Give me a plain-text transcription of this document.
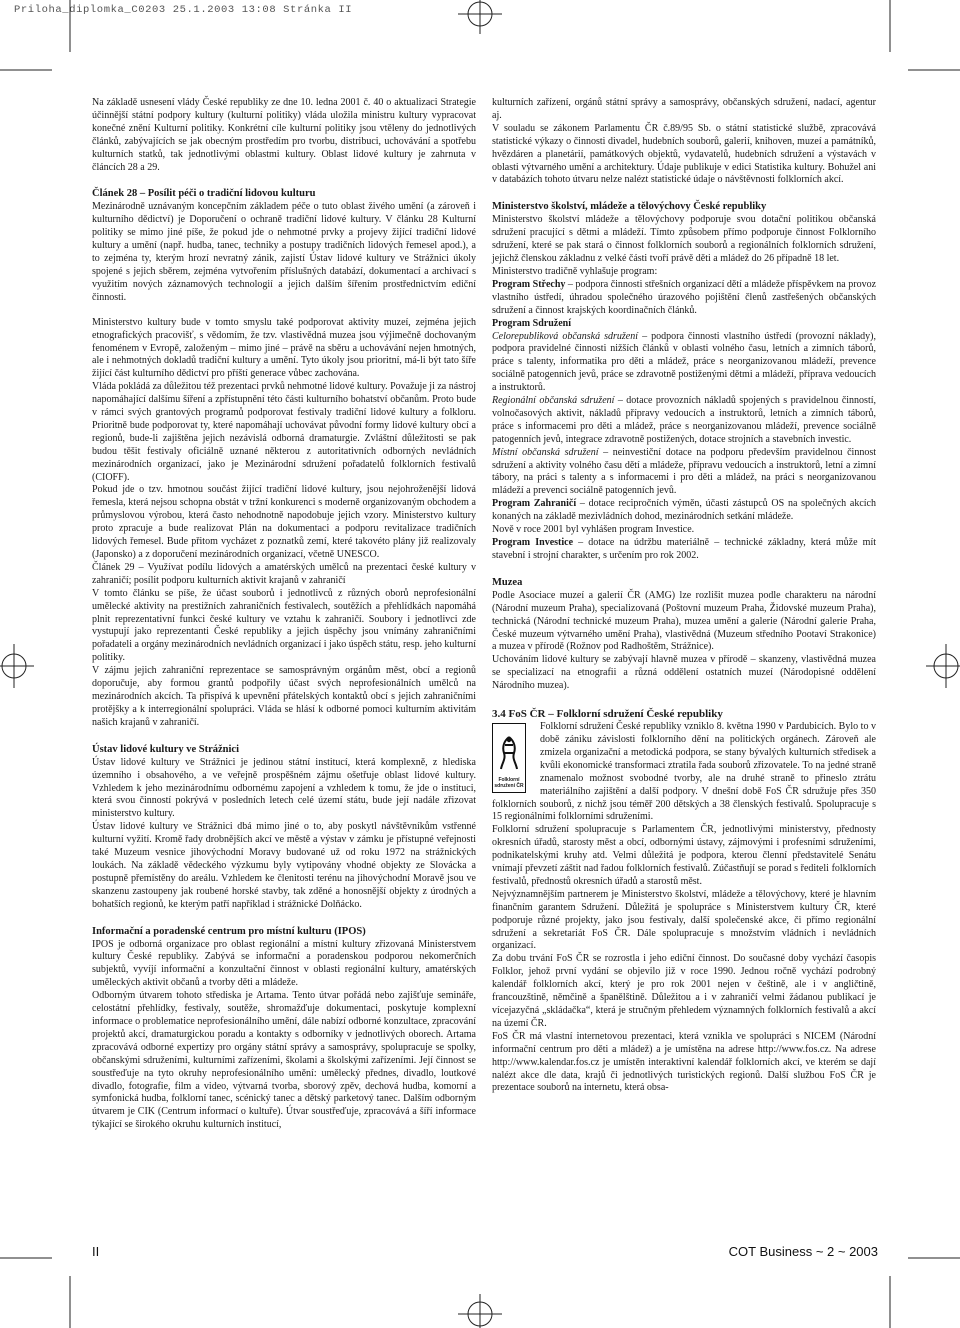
Priloha_diplomka_C0203 25.1.2003 13:08 Stránka II

Na základě usnesení vlády České republiky ze dne 10. ledna 2001 č. 40 o aktualizaci Strategie účinnější státní podpory kultury (kulturní politiky) vláda uložila ministru kultury vypracovat konečné znění Kulturní politiky. Konkrétní cíle kulturní politiky jsou vtěleny do jednotlivých článků, zabývajících se jak obecným prostředím pro tvorbu, distribuci, uchovávání a spotřebu kulturních statků, tak jednotlivými oblastmi kultury. Oblast lidové kultury je zahrnuta v článcích 28 a 29.

Článek 28 – Posílit péči o tradiční lidovou kulturu

Mezinárodně uznávaným koncepčním základem péče o tuto oblast živého umění (a zároveň i kulturního dědictví) je Doporučení o ochraně tradiční lidové kultury. V článku 28 Kulturní politiky se mimo jiné píše, že pokud jde o nehmotné prvky a projevy žijící tradiční lidové kultury a umění (např. hudba, tanec, techniky a postupy tradičních lidových řemesel apod.), a to zejména ty, kterým hrozí nevratný zánik, zajistí Ústav lidové kultury ve Strážnici úkoly spojené s jejich sběrem, zejména vytvořením příslušných databází, dokumentací a archivací s využitím nových záznamových technologií a jejich dalším šířením prostřednictvím ediční činnosti.

Ministerstvo kultury bude v tomto smyslu také podporovat aktivity muzeí, zejména jejich etnografických pracovišť, s vědomím, že tzv. vlastivědná muzea jsou výjimečně dochovaným fenoménem v Evropě, založeným – mimo jiné – právě na sběru a uchovávání nejen hmotných, ale i nehmotných dokladů tradiční kultury a umění. Tyto úkoly jsou prioritní, má-li být tato šíře žijící část kulturního dědictví pro příští generace vůbec zachována.

Vláda pokládá za důležitou též prezentaci prvků nehmotné lidové kultury. Považuje ji za nástroj napomáhající dalšímu šíření a zpřístupnění této části kulturního bohatství občanům. Proto bude v rámci svých grantových programů podporovat festivaly tradiční lidové kultury a folkloru. Prioritně bude podporovat ty, které napomáhají uchovávat původní formy lidové kultury obcí a regionů, bude-li zajištěna jejich nezávislá odborná dramaturgie. Zvláštní důležitosti se pak budou těšit festivaly oficiálně uznané některou z autoritativních odborných nevládních mezinárodních organizací, jako je Mezinárodní sdružení pořadatelů folklorních festivalů (CIOFF).

Pokud jde o tzv. hmotnou součást žijící tradiční lidové kultury, jsou nejohroženější lidová řemesla, která nejsou schopna obstát v tržní konkurenci s moderně organizovaným obchodem a průmyslovou výrobou, která často nehodnotně napodobuje jejich vzory. Ministerstvo kultury proto zpracuje a bude realizovat Plán na dokumentaci a podporu revitalizace tradičních lidových řemesel. Bude přitom vycházet z poznatků zemí, které takovéto plány již realizovaly (Japonsko) a z doporučení mezinárodních organizací, včetně UNESCO.

Článek 29 – Využívat podílu lidových a amatérských umělců na prezentaci české kultury v zahraničí; posílit podporu kulturních aktivit krajanů v zahraničí

V tomto článku se píše, že účast souborů i jednotlivců z různých oborů neprofesionální umělecké aktivity na prestižních zahraničních festivalech, soutěžích a přehlídkách napomáhá plnit reprezentativní funkci české kultury ve vztahu k zahraničí. Soubory i jednotlivci zde vystupují jako reprezentanti České republiky a jejich úspěchy jsou vnímány zahraničními pořadateli a orgány mezinárodních nevládních organizací i jako úspěch státu, resp. jeho kulturní politiky.

V zájmu jejich zahraniční reprezentace se samosprávným orgánům měst, obcí a regionů doporučuje, aby formou grantů podpořily účast svých neprofesionálních umělců na mezinárodních akcích. Ta přispívá k upevnění přátelských kontaktů obcí s jejich zahraničními protějšky a k interregionální spolupráci. Vláda se hlásí k odborné pomoci kulturním aktivitám našich krajanů v zahraničí.

Ústav lidové kultury ve Strážnici

Ústav lidové kultury ve Strážnici je jedinou státní institucí, která komplexně, z hlediska územního i obsahového, a ve veřejně prospěšném zájmu ošetřuje oblast lidové kultury. Vzhledem k jeho mezinárodnímu odbornému zapojení a vzhledem k tomu, že jde o instituci, která svou činností pokrývá v posledních letech celé území státu, bude její nadále zřizovat ministerstvo kultury.

Ústav lidové kultury ve Strážnici dbá mimo jiné o to, aby poskytl návštěvníkům vstřenné kulturní vyžití. Kromě řady drobnějších akcí ve městě a výstav v zámku je přístupné veřejnosti také Muzeum vesnice jihovýchodní Moravy budované už od roku 1972 na strážnických loukách. Na základě vědeckého výzkumu byly vytipovány vhodné objekty ze Slovácka a postupně přemístěny do areálu. Vzhledem ke členitosti terénu na jihovýchodní Moravě jsou ve skanzenu zastoupeny jak roubené horské stavby, tak zděné a honosnější objekty z úrodných a bohatších regionů, ke kterým patří například i strážnické Dolňácko.

Informační a poradenské centrum pro místní kulturu (IPOS)

IPOS je odborná organizace pro oblast regionální a místní kultury zřizovaná Ministerstvem kultury České republiky. Zabývá se informační a poradenskou podporou nekomerčních subjektů, vyvíjí informační a konzultační činnost v oblasti regionální kultury, amatérských uměleckých aktivit občanů a tvorby děti a mládeže.

Odborným útvarem tohoto střediska je Artama. Tento útvar pořádá nebo zajišťuje semináře, celostátní přehlídky, festivaly, soutěže, shromažďuje dokumentaci, poskytuje komplexní informace o problematice neprofesionálního umění, dále nabízí odborné konzultace, zpracování projektů akcí, dramaturgickou poradu a kontakty s odborníky v jednotlivých oborech. Artama zpracovává odborné expertizy pro orgány státní správy a samosprávy, spolupracuje se spolky, občanskými sdruženími, kulturními zařízeními, školami a školskými zařízeními. Její činnost se soustřeďuje na tyto okruhy neprofesionálního umění: umělecký přednes, divadlo, loutkové divadlo, fotografie, film a video, výtvarná tvorba, sborový zpěv, dechová hudba, komorní a symfonická hudba, folklorní tanec, scénický tanec a dětský parketový tanec. Dalším odborným útvarem je CIK (Centrum informací o kultuře). Útvar soustřeďuje, zpracovává a šíří informace týkající se širokého okruhu kulturních institucí,

kulturních zařízení, orgánů státní správy a samosprávy, občanských sdružení, nadací, agentur aj.

V souladu se zákonem Parlamentu ČR č.89/95 Sb. o státní statistické službě, zpracovává statistické výkazy o činnosti divadel, hudebních souborů, galerií, knihoven, muzeí a památníků, hvězdáren a planetárií, památkových objektů, vydavatelů, hudebních sdružení a výstavách v oblasti výtvarného umění a architektury. Údaje publikuje v edici Statistika kultury. Bohužel ani v databázích tohoto útvaru nelze nalézt statistické údaje o návštěvnosti folklorních akcí.

Ministerstvo školství, mládeže a tělovýchovy České republiky

Ministerstvo školství mládeže a tělovýchovy podporuje svou dotační politikou občanská sdružení pracující s dětmi a mládeží. Tímto způsobem přímo podporuje činnost Folklorního sdružení, které se pak stará o činnost folklorních souborů a regionálních folklorních sdružení, jejichž členskou základnu z velké části tvoří právě děti a mládež do 26 případně 18 let.

Ministerstvo tradičně vyhlašuje program:

Program Střechy – podpora činnosti střešních organizací dětí a mládeže příspěvkem na provoz vlastního ústředí, úhradou společného úrazového pojištění členů zastřešených občanských sdružení a činnost krajských koordinačních článků.

Program Sdružení

Celorepubliková občanská sdružení – podpora činnosti vlastního ústředí (provozní náklady), podpora pravidelné činnosti nižších článků v oblasti volného času, letních a zimních táborů, práce s talenty, informatika pro děti a mládež, práce s neorganizovanou mládeží, prevence sociálně patogenních jevů, práce se zdravotně postiženými dětmi a mládeží, příprava vedoucích a instruktorů.

Regionální občanská sdružení – dotace provozních nákladů spojených s pravidelnou činností, volnočasových aktivit, nákladů přípravy vedoucích a instruktorů, letních a zimních táborů, práce s informacemi pro děti a mládež, práce s neorganizovanou mládeží, prevence sociálně patogenních jevů, integrace zdravotně postižených, dotace strojních a stavebních investic.

Místní občanská sdružení – neinvestiční dotace na podporu především pravidelnou činnost sdružení a aktivity volného času dětí a mládeže, přípravu vedoucích a instruktorů, letní a zimní tábory, na práci s talenty a s informacemi i pro děti a mládež, na práci s neorganizovanou mládeží a prevenci sociálně patogenních jevů.

Program Zahraničí – dotace recipročních výměn, účasti zástupců OS na společných akcích konaných na základě mezivládních dohod, mezinárodních setkání mládeže.

Nově v roce 2001 byl vyhlášen program Investice.

Program Investice – dotace na údržbu materiálně – technické základny, která může mít stavební i strojní charakter, s určením pro rok 2002.

Muzea

Podle Asociace muzeí a galerií ČR (AMG) lze rozlišit muzea podle charakteru na národní (Národní muzeum Praha), specializovaná (Poštovní muzeum Praha, Židovské muzeum Praha), technická (Národní technické muzeum Praha), muzea umění a galerie (Národní galerie Praha, České muzeum výtvarného umění Praha), vlastivědná (Muzeum středního Pootaví Strakonice) a muzea v přírodě (Rožnov pod Radhoštěm, Strážnice).

Uchováním lidové kultury se zabývají hlavně muzea v přírodě – skanzeny, vlastivědná muzea se specializací na etnografii a různá oddělení ostatních muzeí (Národopisné oddělení Národního muzea).

3.4 FoS ČR – Folklorní sdružení České republiky

Folklorní sdružení ČR
Folklorní sdružení České republiky vzniklo 8. května 1990 v Pardubicích. Bylo to v době zániku závislosti folklorního dění na politických orgánech. Zároveň ale zmizela organizační a metodická podpora, se stany bývalých kulturních středisek a kvůli ekonomické transformaci ztratila řada souborů zřizovatele. To na jedné straně znamenalo možnost svobodné tvorby, ale na druhé straně to přineslo ztrátu materiálního zajištění a další podpory. V dnešní době FoS ČR sdružuje přes 350 folklorních souborů, z nichž jsou téměř 200 dětských a 38 členských festivalů. Spolupracuje s 15 regionálními folklorními sdruženími.

Folklorní sdružení spolupracuje s Parlamentem ČR, jednotlivými ministerstvy, přednosty okresních úřadů, starosty měst a obcí, odbornými ústavy, zájmovými i profesními sdruženími, podnikatelskými kruhy atd. Velmi důležitá je podpora, kterou členní představitelé Senátu vnímají převzetí záštit nad řadou folklorních festivalů. Zúčastňují se porad s řediteli folklorních festivalů, přednostů okresních úřadů a starostů měst.

Nejvýznamnějším partnerem je Ministerstvo školství, mládeže a tělovýchovy, které je hlavním finančním garantem Sdružení. Důležitá je spolupráce s Ministerstvem kultury ČR, které podporuje různé projekty, jako jsou festivaly, další společenské akce, či přímo regionální sdružení a sekretariát FoS ČR. Dále spolupracuje s množstvím vládních i nevládních organizací.

Za dobu trvání FoS ČR se rozrostla i jeho ediční činnost. Do současné doby vychází časopis Folklor, jehož první vydání se objevilo již v roce 1990. Jednou ročně vychází podrobný kalendář folklorních akcí, který je pro rok 2001 nejen v češtině, ale i v angličtině, francouzštině, němčině a španělštině. Důležitou a i v zahraničí velmi žádanou publikací je vícejazyčná „skládačka“, která je stručným přehledem významných folklorních festivalů a akcí na území ČR.

FoS ČR má vlastní internetovou prezentaci, která vznikla ve spolupráci s NICEM (Národní informační centrum pro děti a mládež) a je umístěna na adrese http://www.fos.cz. Na adrese http://www.kalendar.fos.cz je umístěn interaktivní kalendář folklorních akcí, ve kterém se dají nalézt akce dle data, krajů či jednotlivých turistických regionů. Další službou FoS ČR je prezentace souborů na internetu, která obsa-

II	COT Business ~ 2 ~ 2003
